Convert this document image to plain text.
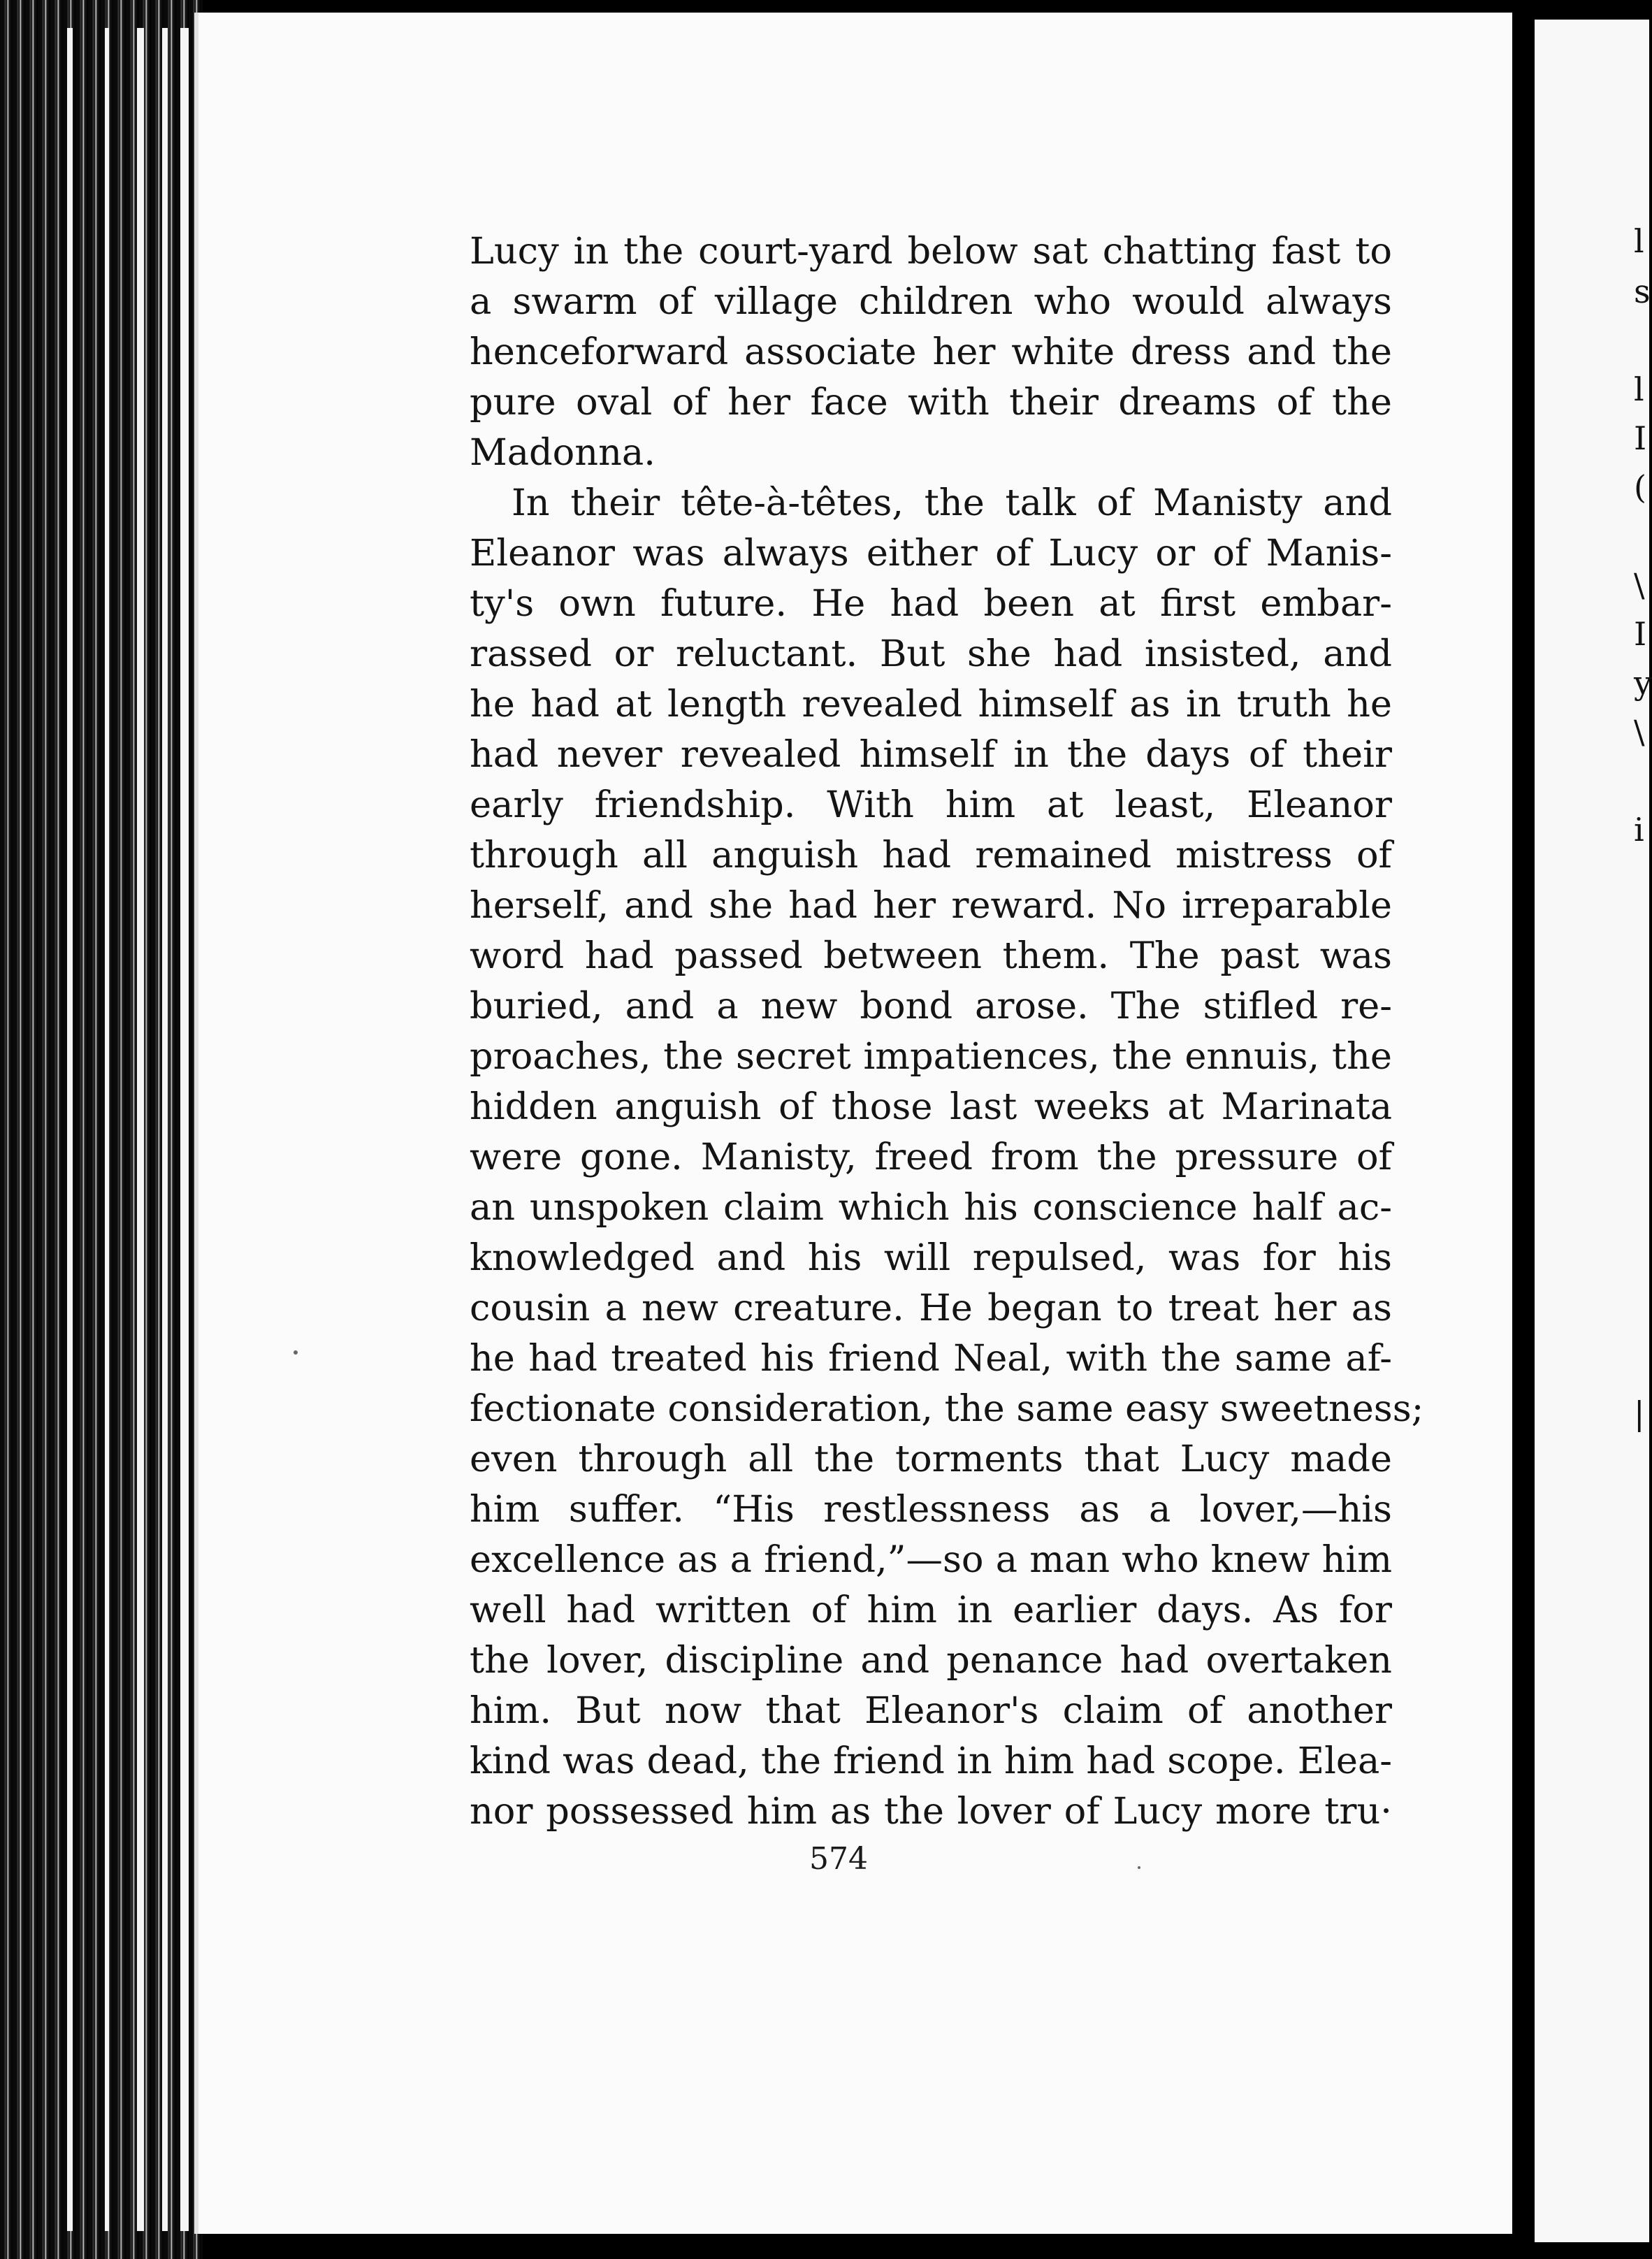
l
s
l
I
(
\
I
y
\
i
|
Lucy in the court-yard below sat chatting fast to
a swarm of village children who would always
henceforward associate her white dress and the
pure oval of her face with their dreams of the
Madonna.
In their tête-à-têtes, the talk of Manisty and
Eleanor was always either of Lucy or of Manis-
ty's own future. He had been at first embar-
rassed or reluctant. But she had insisted, and
he had at length revealed himself as in truth he
had never revealed himself in the days of their
early friendship. With him at least, Eleanor
through all anguish had remained mistress of
herself, and she had her reward. No irreparable
word had passed between them. The past was
buried, and a new bond arose. The stifled re-
proaches, the secret impatiences, the ennuis, the
hidden anguish of those last weeks at Marinata
were gone. Manisty, freed from the pressure of
an unspoken claim which his conscience half ac-
knowledged and his will repulsed, was for his
cousin a new creature. He began to treat her as
he had treated his friend Neal, with the same af-
fectionate consideration, the same easy sweetness;
even through all the torments that Lucy made
him suffer. “His restlessness as a lover,—his
excellence as a friend,”—so a man who knew him
well had written of him in earlier days. As for
the lover, discipline and penance had overtaken
him. But now that Eleanor's claim of another
kind was dead, the friend in him had scope. Elea-
nor possessed him as the lover of Lucy more tru·
574
